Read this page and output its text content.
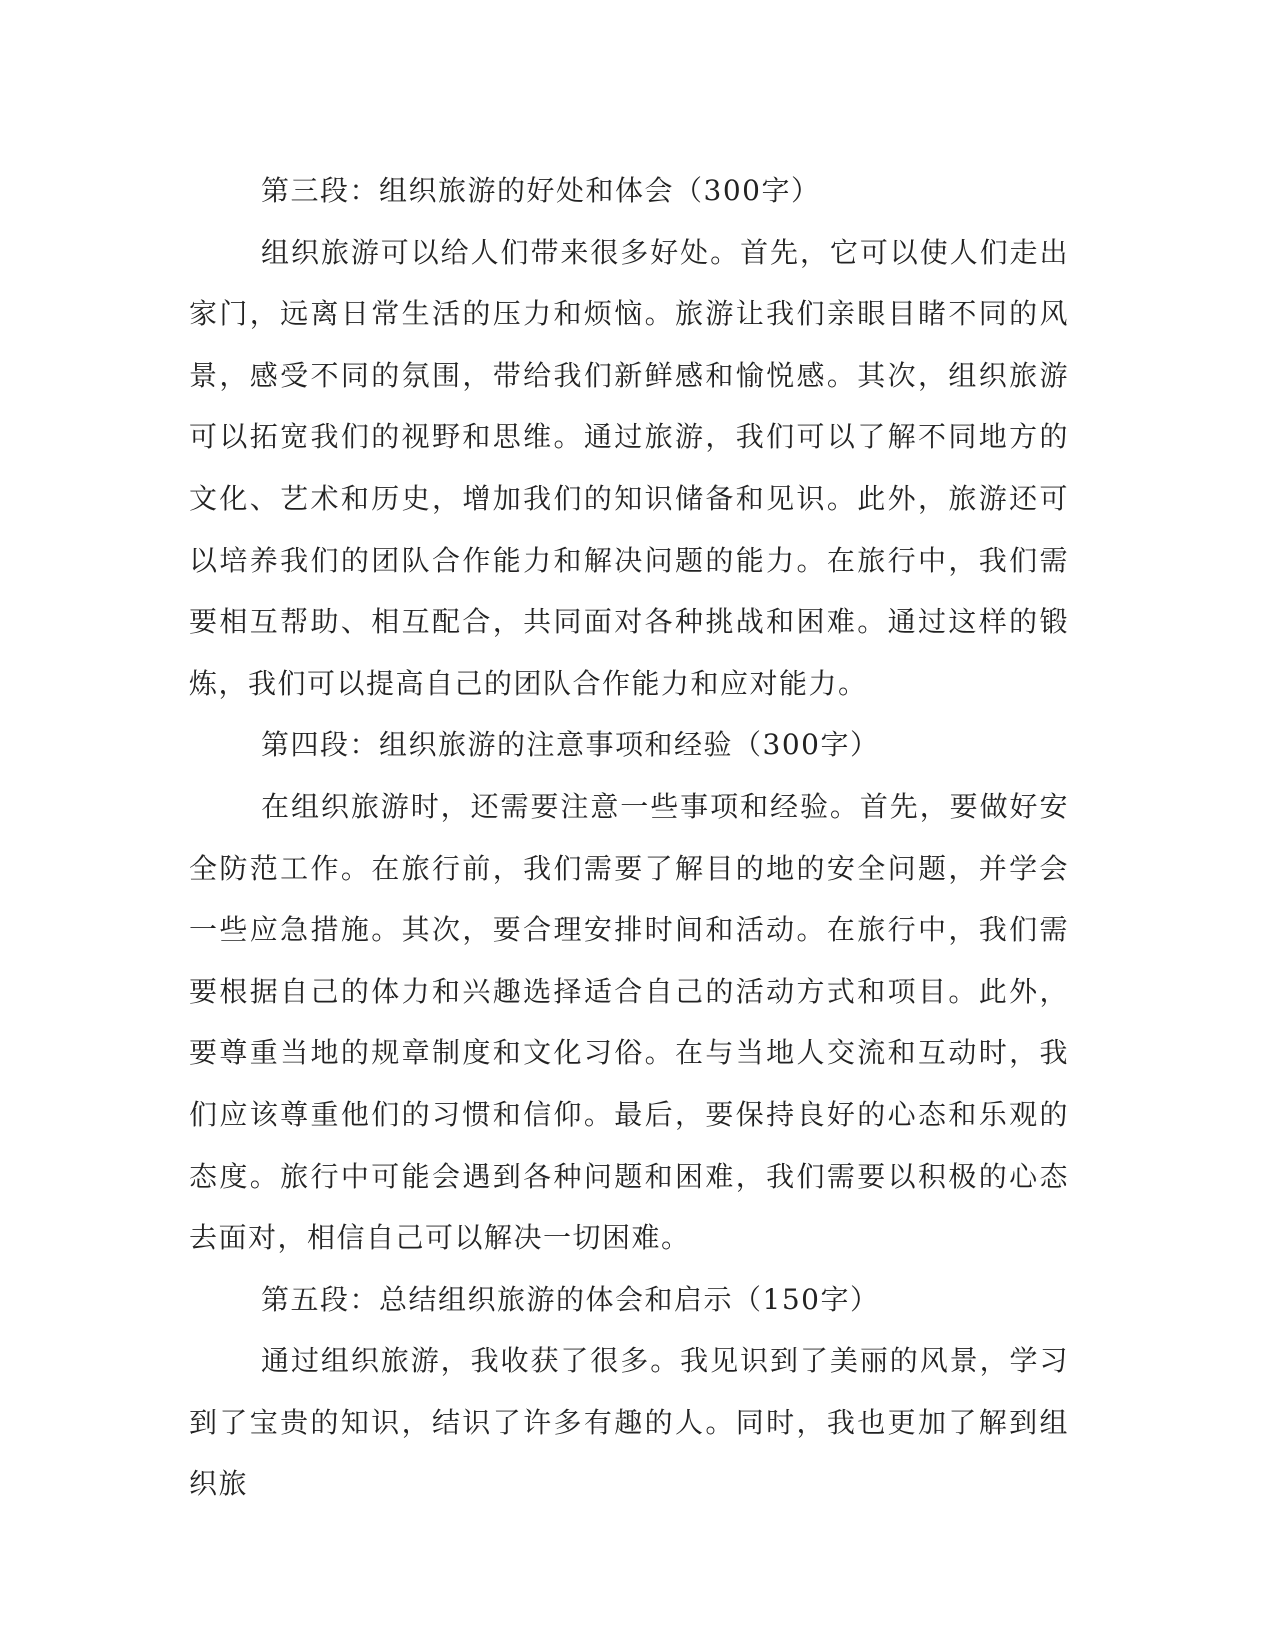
第三段：组织旅游的好处和体会（300字）

组织旅游可以给人们带来很多好处。首先，它可以使人们走出家门，远离日常生活的压力和烦恼。旅游让我们亲眼目睹不同的风景，感受不同的氛围，带给我们新鲜感和愉悦感。其次，组织旅游可以拓宽我们的视野和思维。通过旅游，我们可以了解不同地方的文化、艺术和历史，增加我们的知识储备和见识。此外，旅游还可以培养我们的团队合作能力和解决问题的能力。在旅行中，我们需要相互帮助、相互配合，共同面对各种挑战和困难。通过这样的锻炼，我们可以提高自己的团队合作能力和应对能力。

第四段：组织旅游的注意事项和经验（300字）

在组织旅游时，还需要注意一些事项和经验。首先，要做好安全防范工作。在旅行前，我们需要了解目的地的安全问题，并学会一些应急措施。其次，要合理安排时间和活动。在旅行中，我们需要根据自己的体力和兴趣选择适合自己的活动方式和项目。此外，要尊重当地的规章制度和文化习俗。在与当地人交流和互动时，我们应该尊重他们的习惯和信仰。最后，要保持良好的心态和乐观的态度。旅行中可能会遇到各种问题和困难，我们需要以积极的心态去面对，相信自己可以解决一切困难。

第五段：总结组织旅游的体会和启示（150字）

通过组织旅游，我收获了很多。我见识到了美丽的风景，学习到了宝贵的知识，结识了许多有趣的人。同时，我也更加了解到组织旅
